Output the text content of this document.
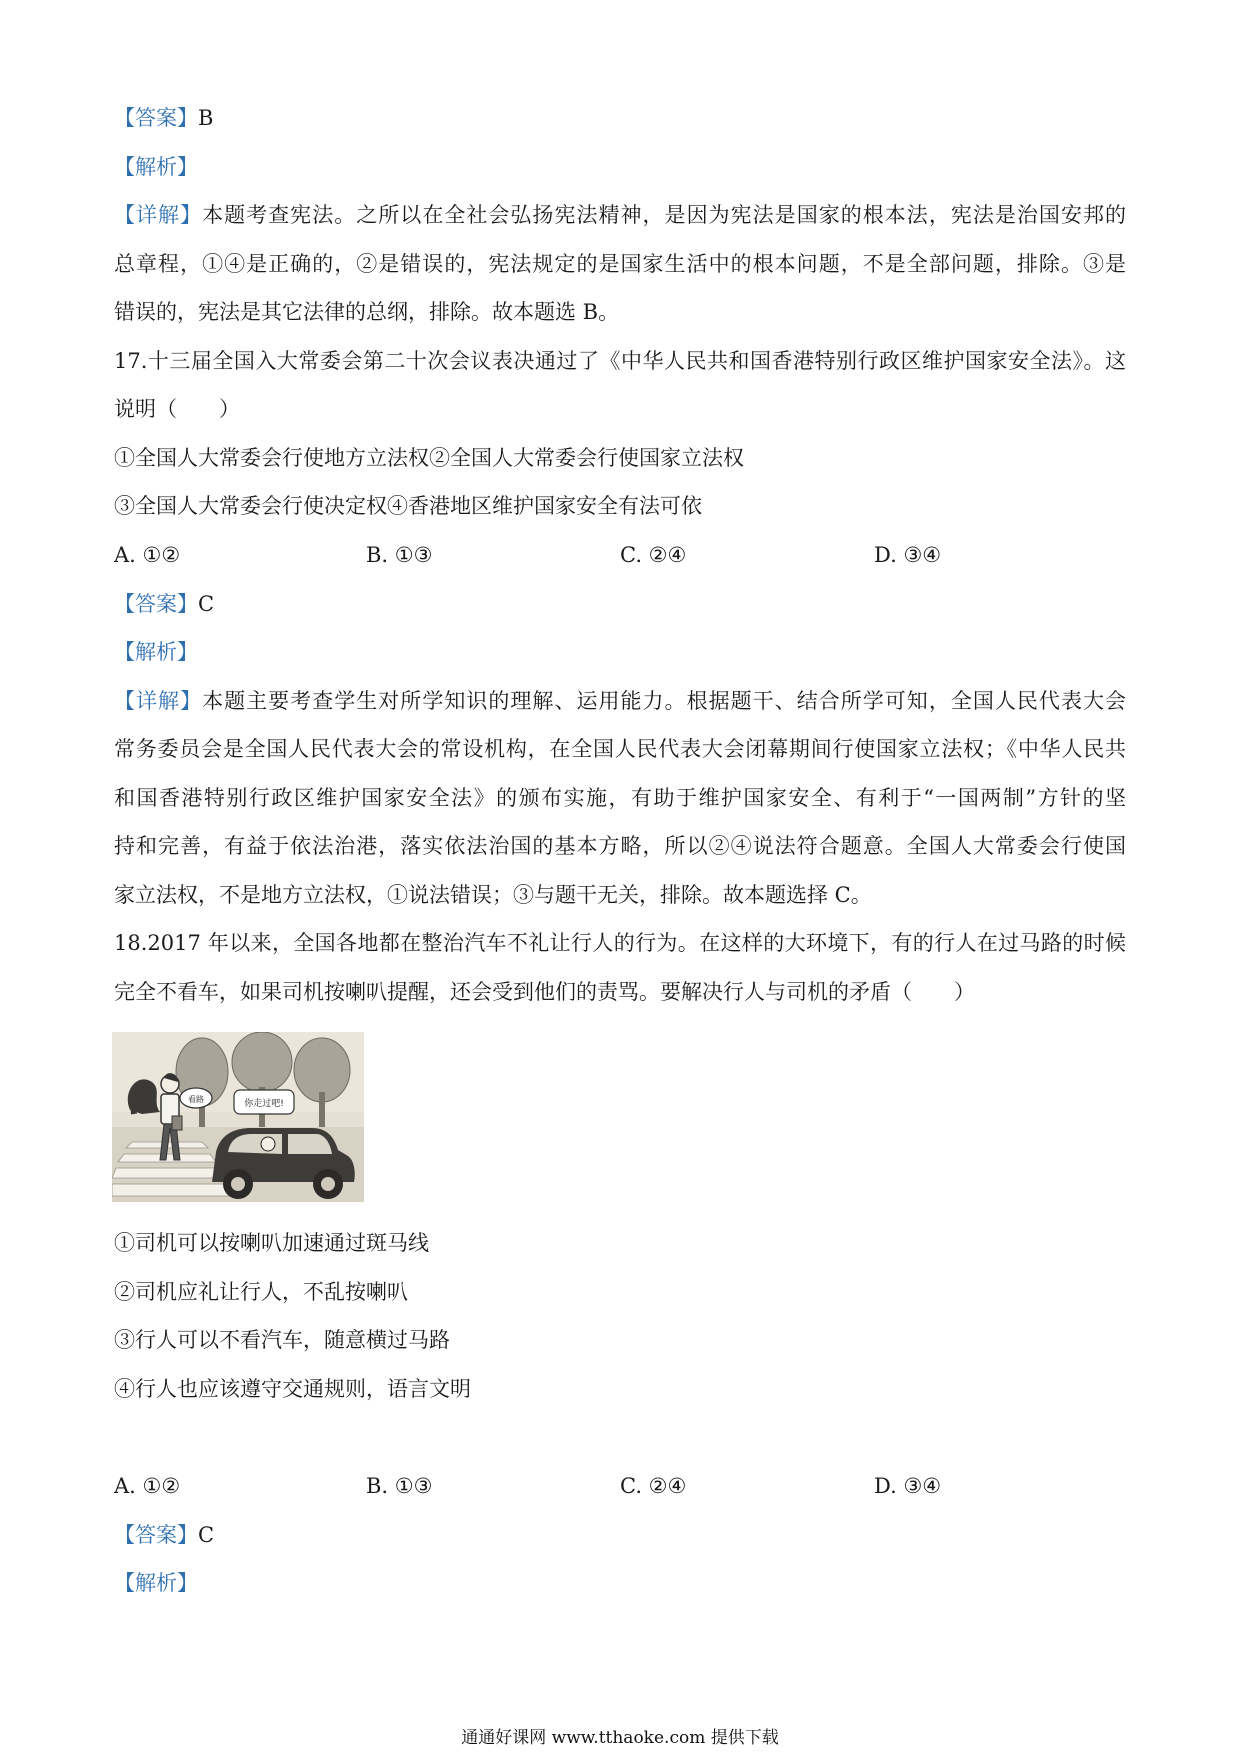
【答案】B
【解析】
【详解】本题考查宪法。之所以在全社会弘扬宪法精神，是因为宪法是国家的根本法，宪法是治国安邦的
总章程，①④是正确的，②是错误的，宪法规定的是国家生活中的根本问题，不是全部问题，排除。③是
错误的，宪法是其它法律的总纲，排除。故本题选 B。
17.十三届全国入大常委会第二十次会议表决通过了《中华人民共和国香港特别行政区维护国家安全法》。这
说明（　　）
①全国人大常委会行使地方立法权②全国人大常委会行使国家立法权
③全国人大常委会行使决定权④香港地区维护国家安全有法可依
A. ①②	B. ①③	C. ②④	D. ③④
【答案】C
【解析】
【详解】本题主要考查学生对所学知识的理解、运用能力。根据题干、结合所学可知，全国人民代表大会
常务委员会是全国人民代表大会的常设机构，在全国人民代表大会闭幕期间行使国家立法权；《中华人民共
和国香港特别行政区维护国家安全法》的颁布实施，有助于维护国家安全、有利于“一国两制”方针的坚
持和完善，有益于依法治港，落实依法治国的基本方略，所以②④说法符合题意。全国人大常委会行使国
家立法权，不是地方立法权，①说法错误；③与题干无关，排除。故本题选择 C。
18.2017 年以来，全国各地都在整治汽车不礼让行人的行为。在这样的大环境下，有的行人在过马路的时候
完全不看车，如果司机按喇叭提醒，还会受到他们的责骂。要解决行人与司机的矛盾（　　）
看路	你走过吧!
①司机可以按喇叭加速通过斑马线
②司机应礼让行人，不乱按喇叭
③行人可以不看汽车，随意横过马路
④行人也应该遵守交通规则，语言文明
A. ①②	B. ①③	C. ②④	D. ③④
【答案】C
【解析】
通通好课网 www.tthaoke.com 提供下载
